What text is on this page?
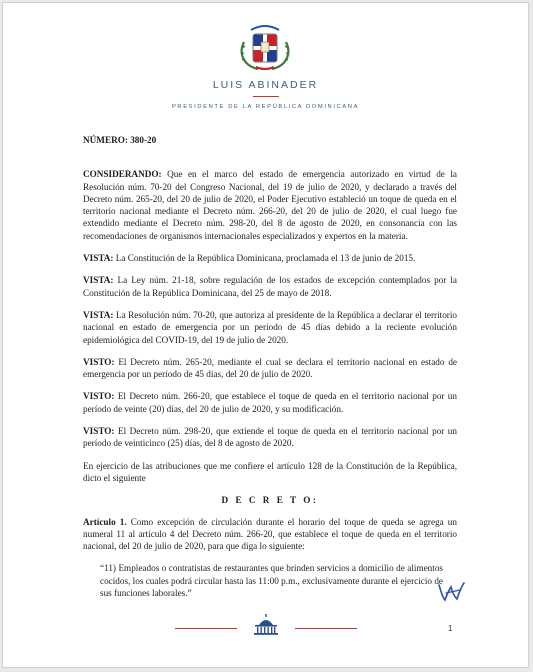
LUIS ABINADER
PRESIDENTE DE LA REPÚBLICA DOMINICANA

NÚMERO: 380-20

CONSIDERANDO: Que en el marco del estado de emergencia autorizado en virtud de la Resolución núm. 70-20 del Congreso Nacional, del 19 de julio de 2020, y declarado a través del Decreto núm. 265-20, del 20 de julio de 2020, el Poder Ejecutivo estableció un toque de queda en el territorio nacional mediante el Decreto núm. 266-20, del 20 de julio de 2020, el cual luego fue extendido mediante el Decreto núm. 298-20, del 8 de agosto de 2020, en consonancia con las recomendaciones de organismos internacionales especializados y expertos en la materia.

VISTA: La Constitución de la República Dominicana, proclamada el 13 de junio de 2015.

VISTA: La Ley núm. 21-18, sobre regulación de los estados de excepción contemplados por la Constitución de la República Dominicana, del 25 de mayo de 2018.

VISTA: La Resolución núm. 70-20, que autoriza al presidente de la República a declarar el territorio nacional en estado de emergencia por un período de 45 días debido a la reciente evolución epidemiológica del COVID-19, del 19 de julio de 2020.

VISTO: El Decreto núm. 265-20, mediante el cual se declara el territorio nacional en estado de emergencia por un período de 45 días, del 20 de julio de 2020.

VISTO: El Decreto núm. 266-20, que establece el toque de queda en el territorio nacional por un período de veinte (20) días, del 20 de julio de 2020, y su modificación.

VISTO: El Decreto núm. 298-20, que extiende el toque de queda en el territorio nacional por un período de veinticinco (25) días, del 8 de agosto de 2020.

En ejercicio de las atribuciones que me confiere el artículo 128 de la Constitución de la República, dicto el siguiente

D E C R E T O:

Artículo 1. Como excepción de circulación durante el horario del toque de queda se agrega un numeral 11 al artículo 4 del Decreto núm. 266-20, que establece el toque de queda en el territorio nacional, del 20 de julio de 2020, para que diga lo siguiente:

“11) Empleados o contratistas de restaurantes que brinden servicios a domicilio de alimentos cocidos, los cuales podrá circular hasta las 11:00 p.m., exclusivamente durante el ejercicio de sus funciones laborales.”

1
